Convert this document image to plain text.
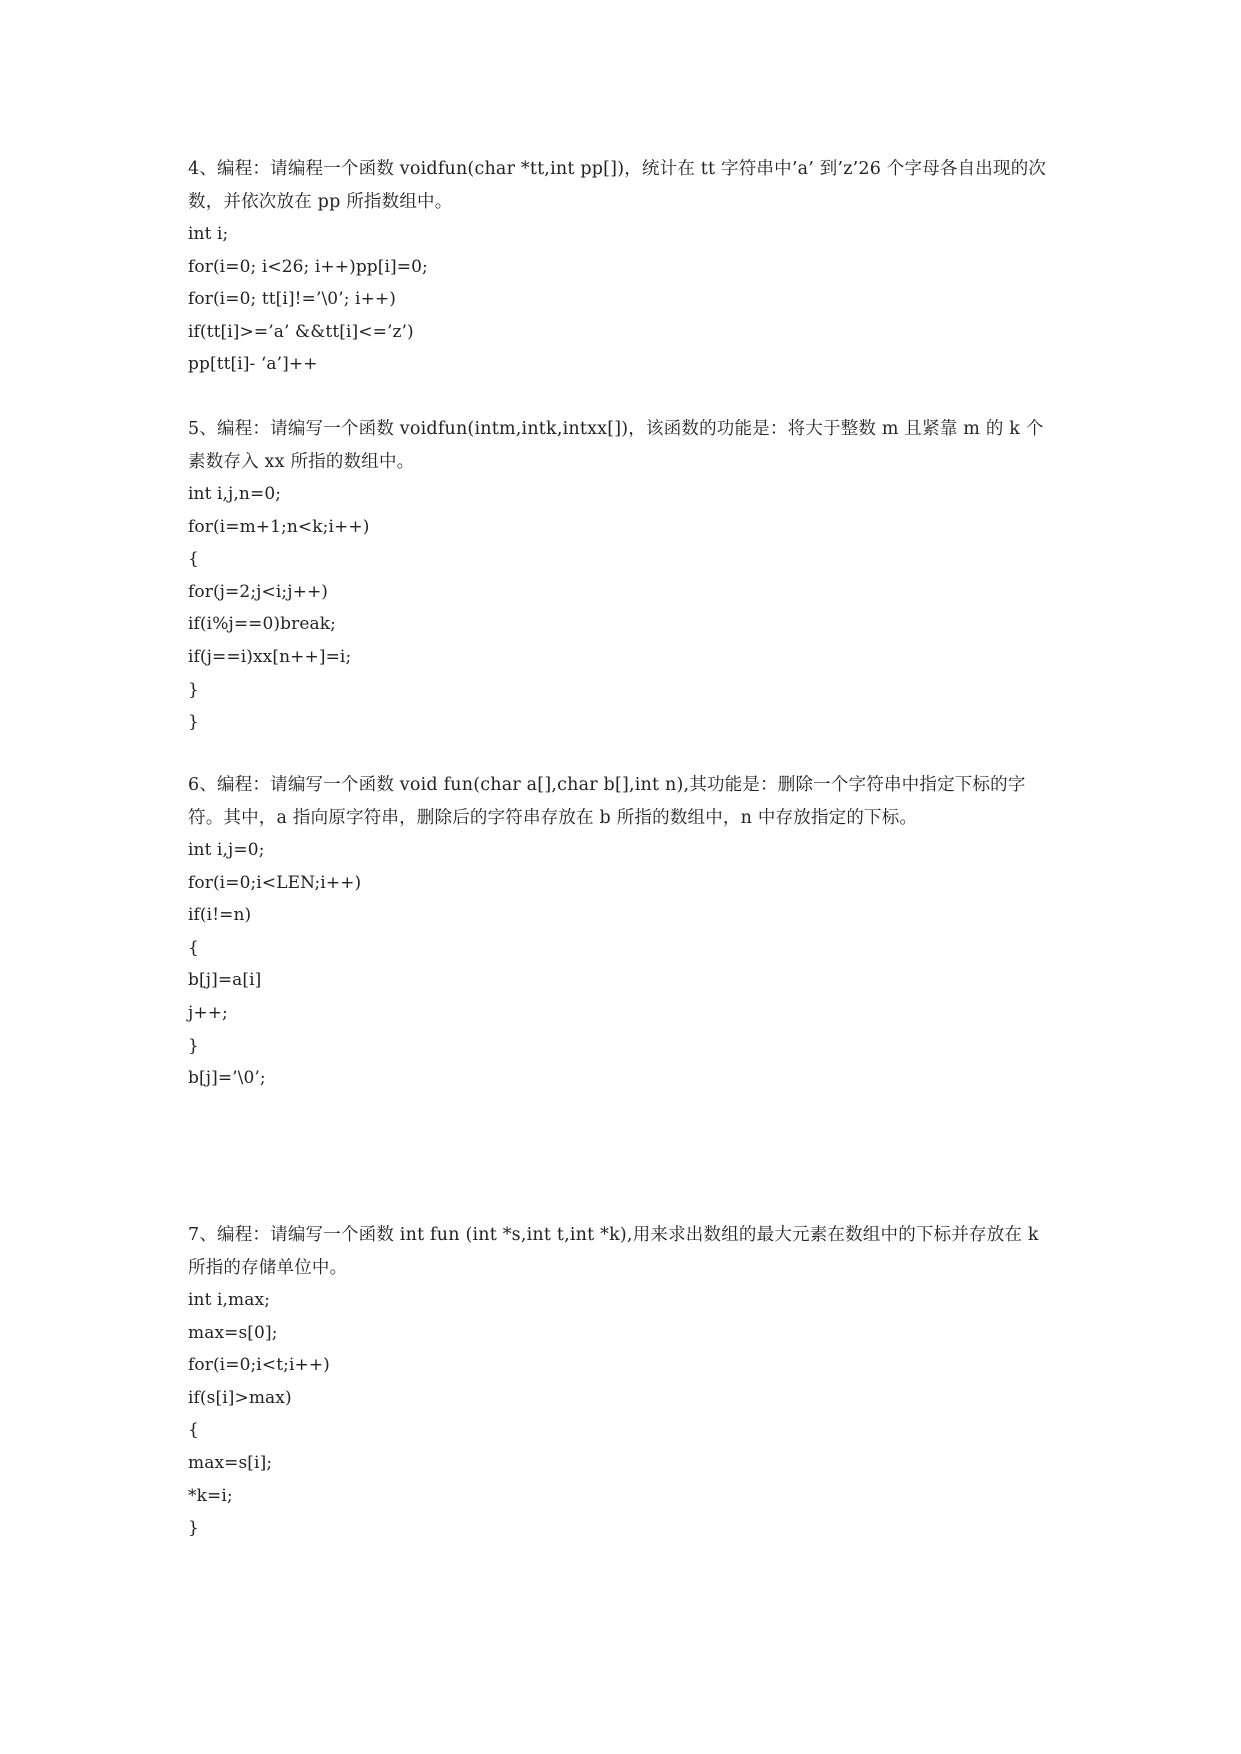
4、编程：请编程一个函数 voidfun(char *tt,int pp[])，统计在 tt 字符串中’a’ 到’z’26 个字母各自出现的次数，并依次放在 pp 所指数组中。

int i;
for(i=0; i<26; i++)pp[i]=0;
for(i=0; tt[i]!=’\0’; i++)
if(tt[i]>=’a’ &&tt[i]<=’z’)
pp[tt[i]- ‘a’]++

5、编程：请编写一个函数 voidfun(intm,intk,intxx[])，该函数的功能是：将大于整数 m 且紧靠 m 的 k 个素数存入 xx 所指的数组中。

int i,j,n=0;
for(i=m+1;n<k;i++)
{
for(j=2;j<i;j++)
if(i%j==0)break;
if(j==i)xx[n++]=i;
}
}

6、编程：请编写一个函数 void fun(char a[],char b[],int n),其功能是：删除一个字符串中指定下标的字符。其中，a 指向原字符串，删除后的字符串存放在 b 所指的数组中，n 中存放指定的下标。

int i,j=0;
for(i=0;i<LEN;i++)
if(i!=n)
{
b[j]=a[i]
j++;
}
b[j]=’\0’;

7、编程：请编写一个函数 int fun (int *s,int t,int *k),用来求出数组的最大元素在数组中的下标并存放在 k 所指的存储单位中。

int i,max;
max=s[0];
for(i=0;i<t;i++)
if(s[i]>max)
{
max=s[i];
*k=i;
}
